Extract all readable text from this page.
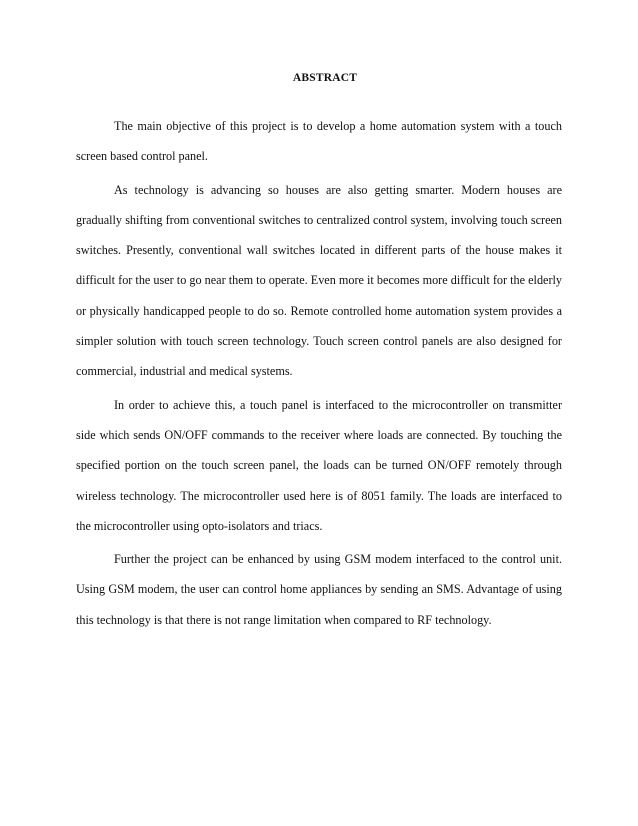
ABSTRACT

The main objective of this project is to develop a home automation system with a touch screen based control panel.

As technology is advancing so houses are also getting smarter. Modern houses are gradually shifting from conventional switches to centralized control system, involving touch screen switches. Presently, conventional wall switches located in different parts of the house makes it difficult for the user to go near them to operate. Even more it becomes more difficult for the elderly or physically handicapped people to do so. Remote controlled home automation system provides a simpler solution with touch screen technology. Touch screen control panels are also designed for commercial, industrial and medical systems.

In order to achieve this, a touch panel is interfaced to the microcontroller on transmitter side which sends ON/OFF commands to the receiver where loads are connected. By touching the specified portion on the touch screen panel, the loads can be turned ON/OFF remotely through wireless technology. The microcontroller used here is of 8051 family. The loads are interfaced to the microcontroller using opto-isolators and triacs.

Further the project can be enhanced by using GSM modem interfaced to the control unit. Using GSM modem, the user can control home appliances by sending an SMS. Advantage of using this technology is that there is not range limitation when compared to RF technology.
